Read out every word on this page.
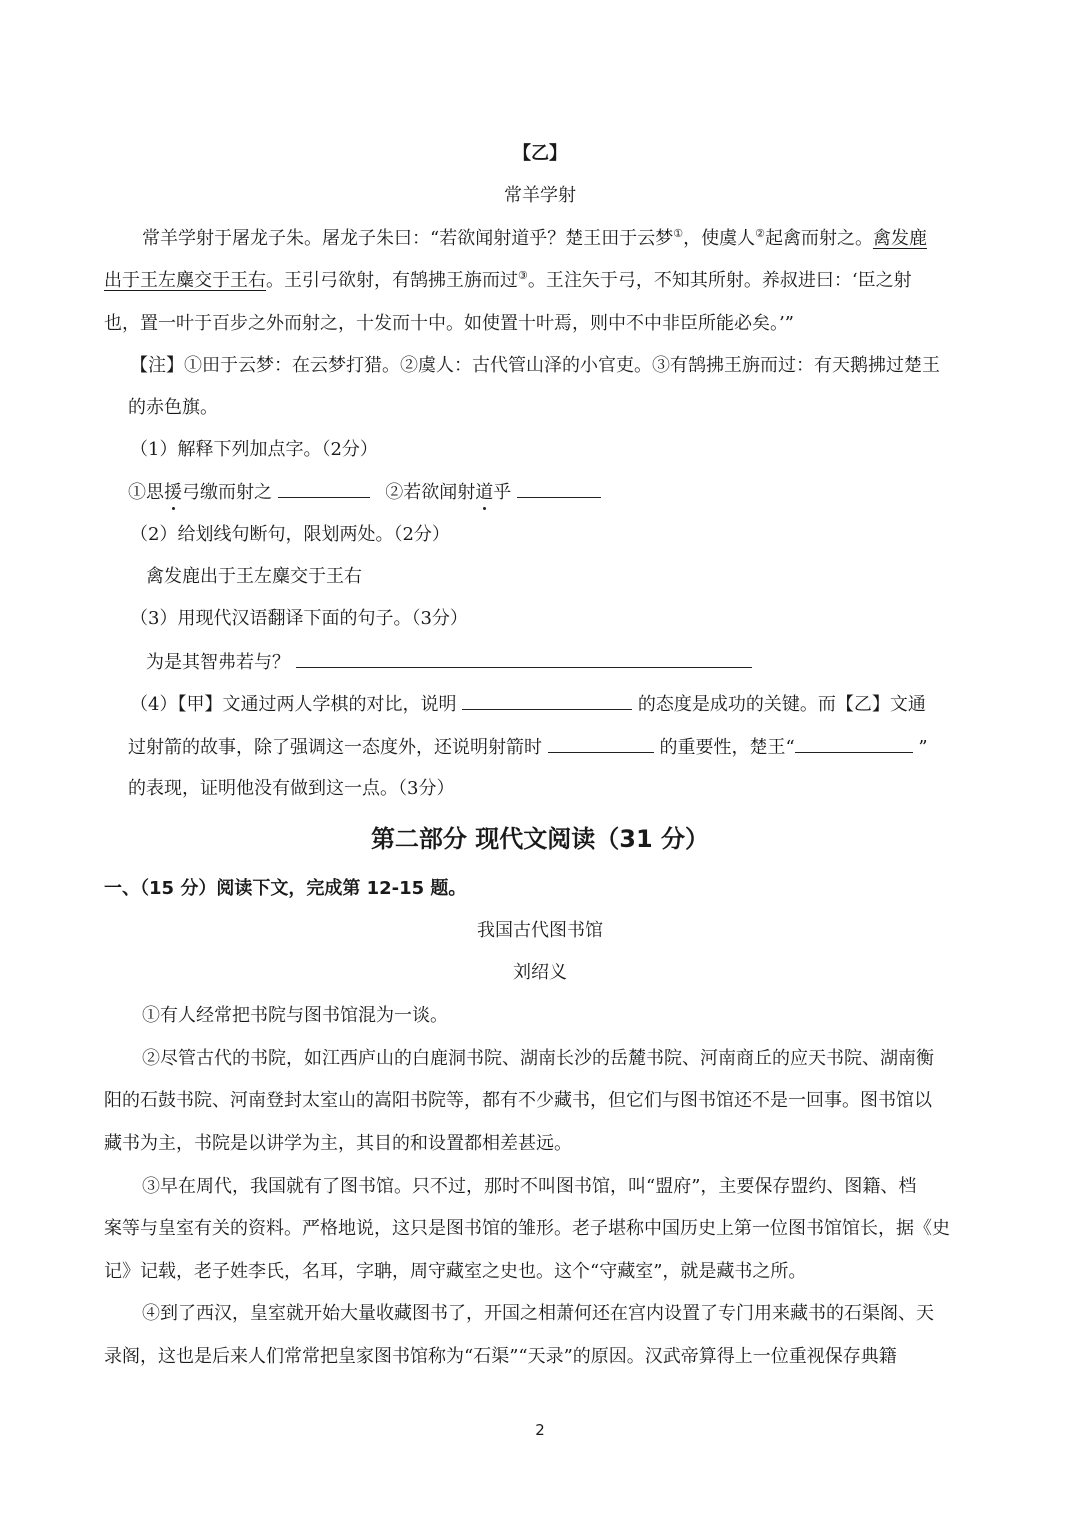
【乙】
常羊学射
常羊学射于屠龙子朱。屠龙子朱曰：“若欲闻射道乎？楚王田于云梦①，使虞人②起禽而射之。禽发鹿
出于王左麋交于王右。王引弓欲射，有鹄拂王旃而过③。王注矢于弓，不知其所射。养叔进曰：‘臣之射
也，置一叶于百步之外而射之，十发而十中。如使置十叶焉，则中不中非臣所能必矣。’”
【注】①田于云梦：在云梦打猎。②虞人：古代管山泽的小官吏。③有鹄拂王旃而过：有天鹅拂过楚王
的赤色旗。
（1）解释下列加点字。（2分）
①思援弓缴而射之	②若欲闻射道乎
（2）给划线句断句，限划两处。（2分）
禽发鹿出于王左麋交于王右
（3）用现代汉语翻译下面的句子。（3分）
为是其智弗若与？
（4）【甲】文通过两人学棋的对比，说明	的态度是成功的关键。而【乙】文通
过射箭的故事，除了强调这一态度外，还说明射箭时	的重要性，楚王“	”
的表现，证明他没有做到这一点。（3分）
第二部分 现代文阅读（31 分）
一、（15 分）阅读下文，完成第 12-15 题。
我国古代图书馆
刘绍义
①有人经常把书院与图书馆混为一谈。
②尽管古代的书院，如江西庐山的白鹿洞书院、湖南长沙的岳麓书院、河南商丘的应天书院、湖南衡
阳的石鼓书院、河南登封太室山的嵩阳书院等，都有不少藏书，但它们与图书馆还不是一回事。图书馆以
藏书为主，书院是以讲学为主，其目的和设置都相差甚远。
③早在周代，我国就有了图书馆。只不过，那时不叫图书馆，叫“盟府”，主要保存盟约、图籍、档
案等与皇室有关的资料。严格地说，这只是图书馆的雏形。老子堪称中国历史上第一位图书馆馆长，据《史
记》记载，老子姓李氏，名耳，字聃，周守藏室之史也。这个“守藏室”，就是藏书之所。
④到了西汉，皇室就开始大量收藏图书了，开国之相萧何还在宫内设置了专门用来藏书的石渠阁、天
录阁，这也是后来人们常常把皇家图书馆称为“石渠”“天录”的原因。汉武帝算得上一位重视保存典籍
2
